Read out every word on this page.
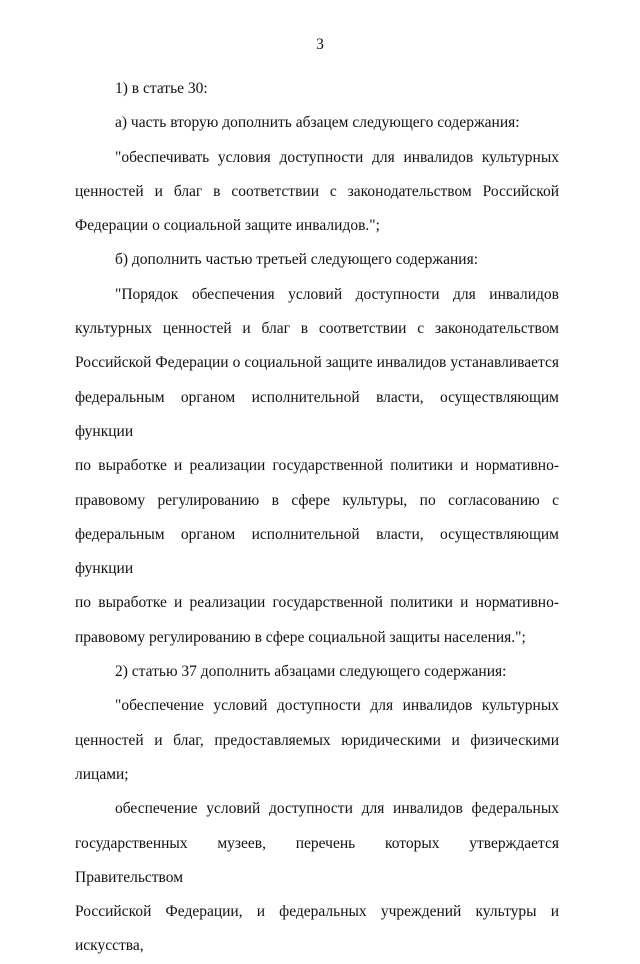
3
1) в статье 30:
а) часть вторую дополнить абзацем следующего содержания:
"обеспечивать условия доступности для инвалидов культурных
ценностей и благ в соответствии с законодательством Российской
Федерации о социальной защите инвалидов.";
б) дополнить частью третьей следующего содержания:
"Порядок обеспечения условий доступности для инвалидов
культурных ценностей и благ в соответствии с законодательством
Российской Федерации о социальной защите инвалидов устанавливается
федеральным органом исполнительной власти, осуществляющим функции
по выработке и реализации государственной политики и нормативно-
правовому регулированию в сфере культуры, по согласованию с
федеральным органом исполнительной власти, осуществляющим функции
по выработке и реализации государственной политики и нормативно-
правовому регулированию в сфере социальной защиты населения.";
2) статью 37 дополнить абзацами следующего содержания:
"обеспечение условий доступности для инвалидов культурных
ценностей и благ, предоставляемых юридическими и физическими лицами;
обеспечение условий доступности для инвалидов федеральных
государственных музеев, перечень которых утверждается Правительством
Российской Федерации, и федеральных учреждений культуры и искусства,
